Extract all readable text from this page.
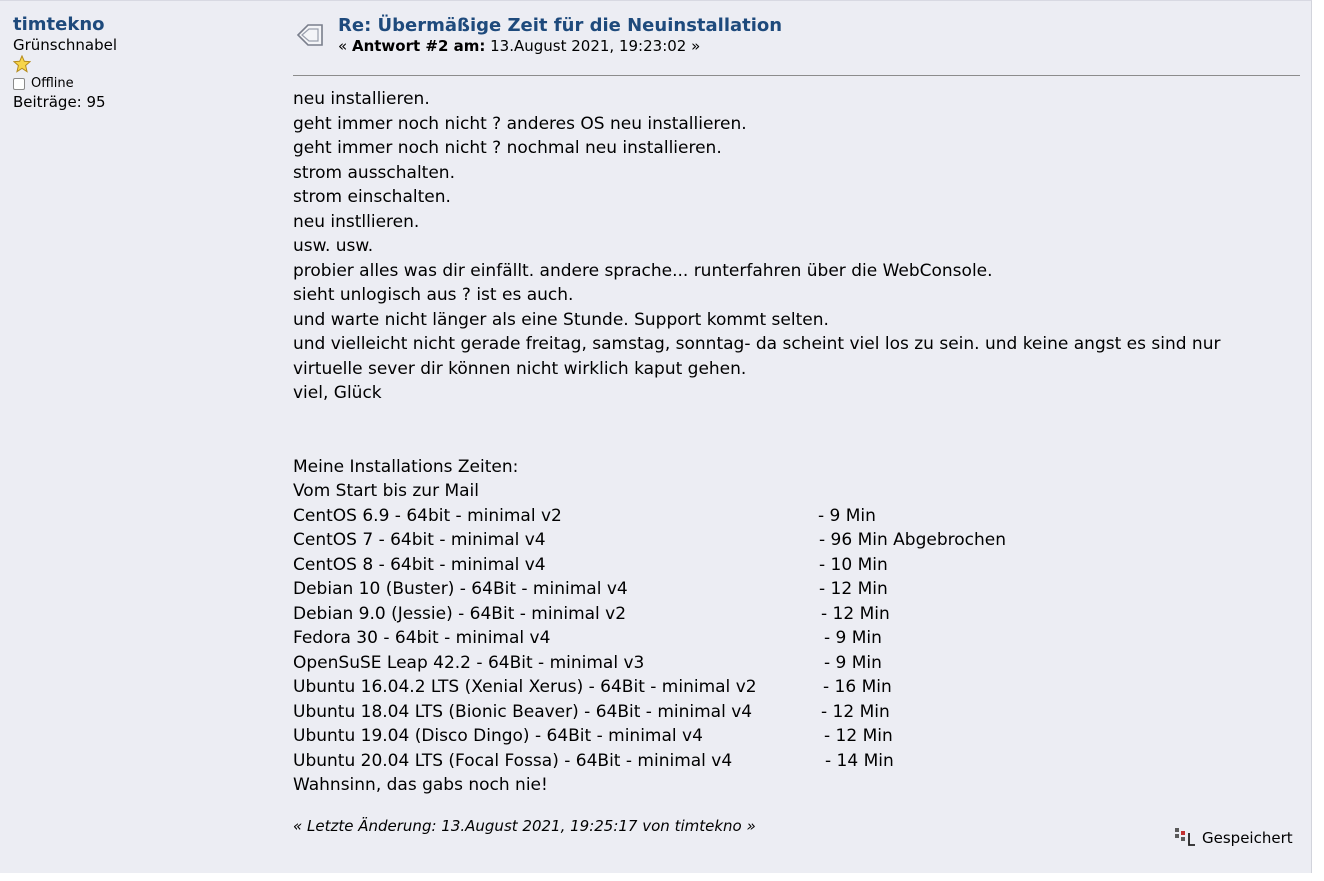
timtekno
Grünschnabel
Offline
Beiträge: 95
Re: Übermäßige Zeit für die Neuinstallation
« Antwort #2 am: 13.August 2021, 19:23:02 »
neu installieren.
geht immer noch nicht ? anderes OS neu installieren.
geht immer noch nicht ? nochmal neu installieren.
strom ausschalten.
strom einschalten.
neu instllieren.
usw. usw.
probier alles was dir einfällt. andere sprache... runterfahren über die WebConsole.
sieht unlogisch aus ? ist es auch.
und warte nicht länger als eine Stunde. Support kommt selten.
und vielleicht nicht gerade freitag, samstag, sonntag- da scheint viel los zu sein. und keine angst es sind nur
virtuelle sever dir können nicht wirklich kaput gehen.
viel, Glück
Meine Installations Zeiten:
Vom Start bis zur Mail
CentOS 6.9 - 64bit - minimal v2	- 9 Min
CentOS 7 - 64bit - minimal v4	- 96 Min Abgebrochen
CentOS 8 - 64bit - minimal v4	- 10 Min
Debian 10 (Buster) - 64Bit - minimal v4	- 12 Min
Debian 9.0 (Jessie) - 64Bit - minimal v2	- 12 Min
Fedora 30 - 64bit - minimal v4	- 9 Min
OpenSuSE Leap 42.2 - 64Bit - minimal v3	- 9 Min
Ubuntu 16.04.2 LTS (Xenial Xerus) - 64Bit - minimal v2	- 16 Min
Ubuntu 18.04 LTS (Bionic Beaver) - 64Bit - minimal v4	- 12 Min
Ubuntu 19.04 (Disco Dingo) - 64Bit - minimal v4	- 12 Min
Ubuntu 20.04 LTS (Focal Fossa) - 64Bit - minimal v4	- 14 Min
Wahnsinn, das gabs noch nie!
« Letzte Änderung: 13.August 2021, 19:25:17 von timtekno »
Gespeichert
